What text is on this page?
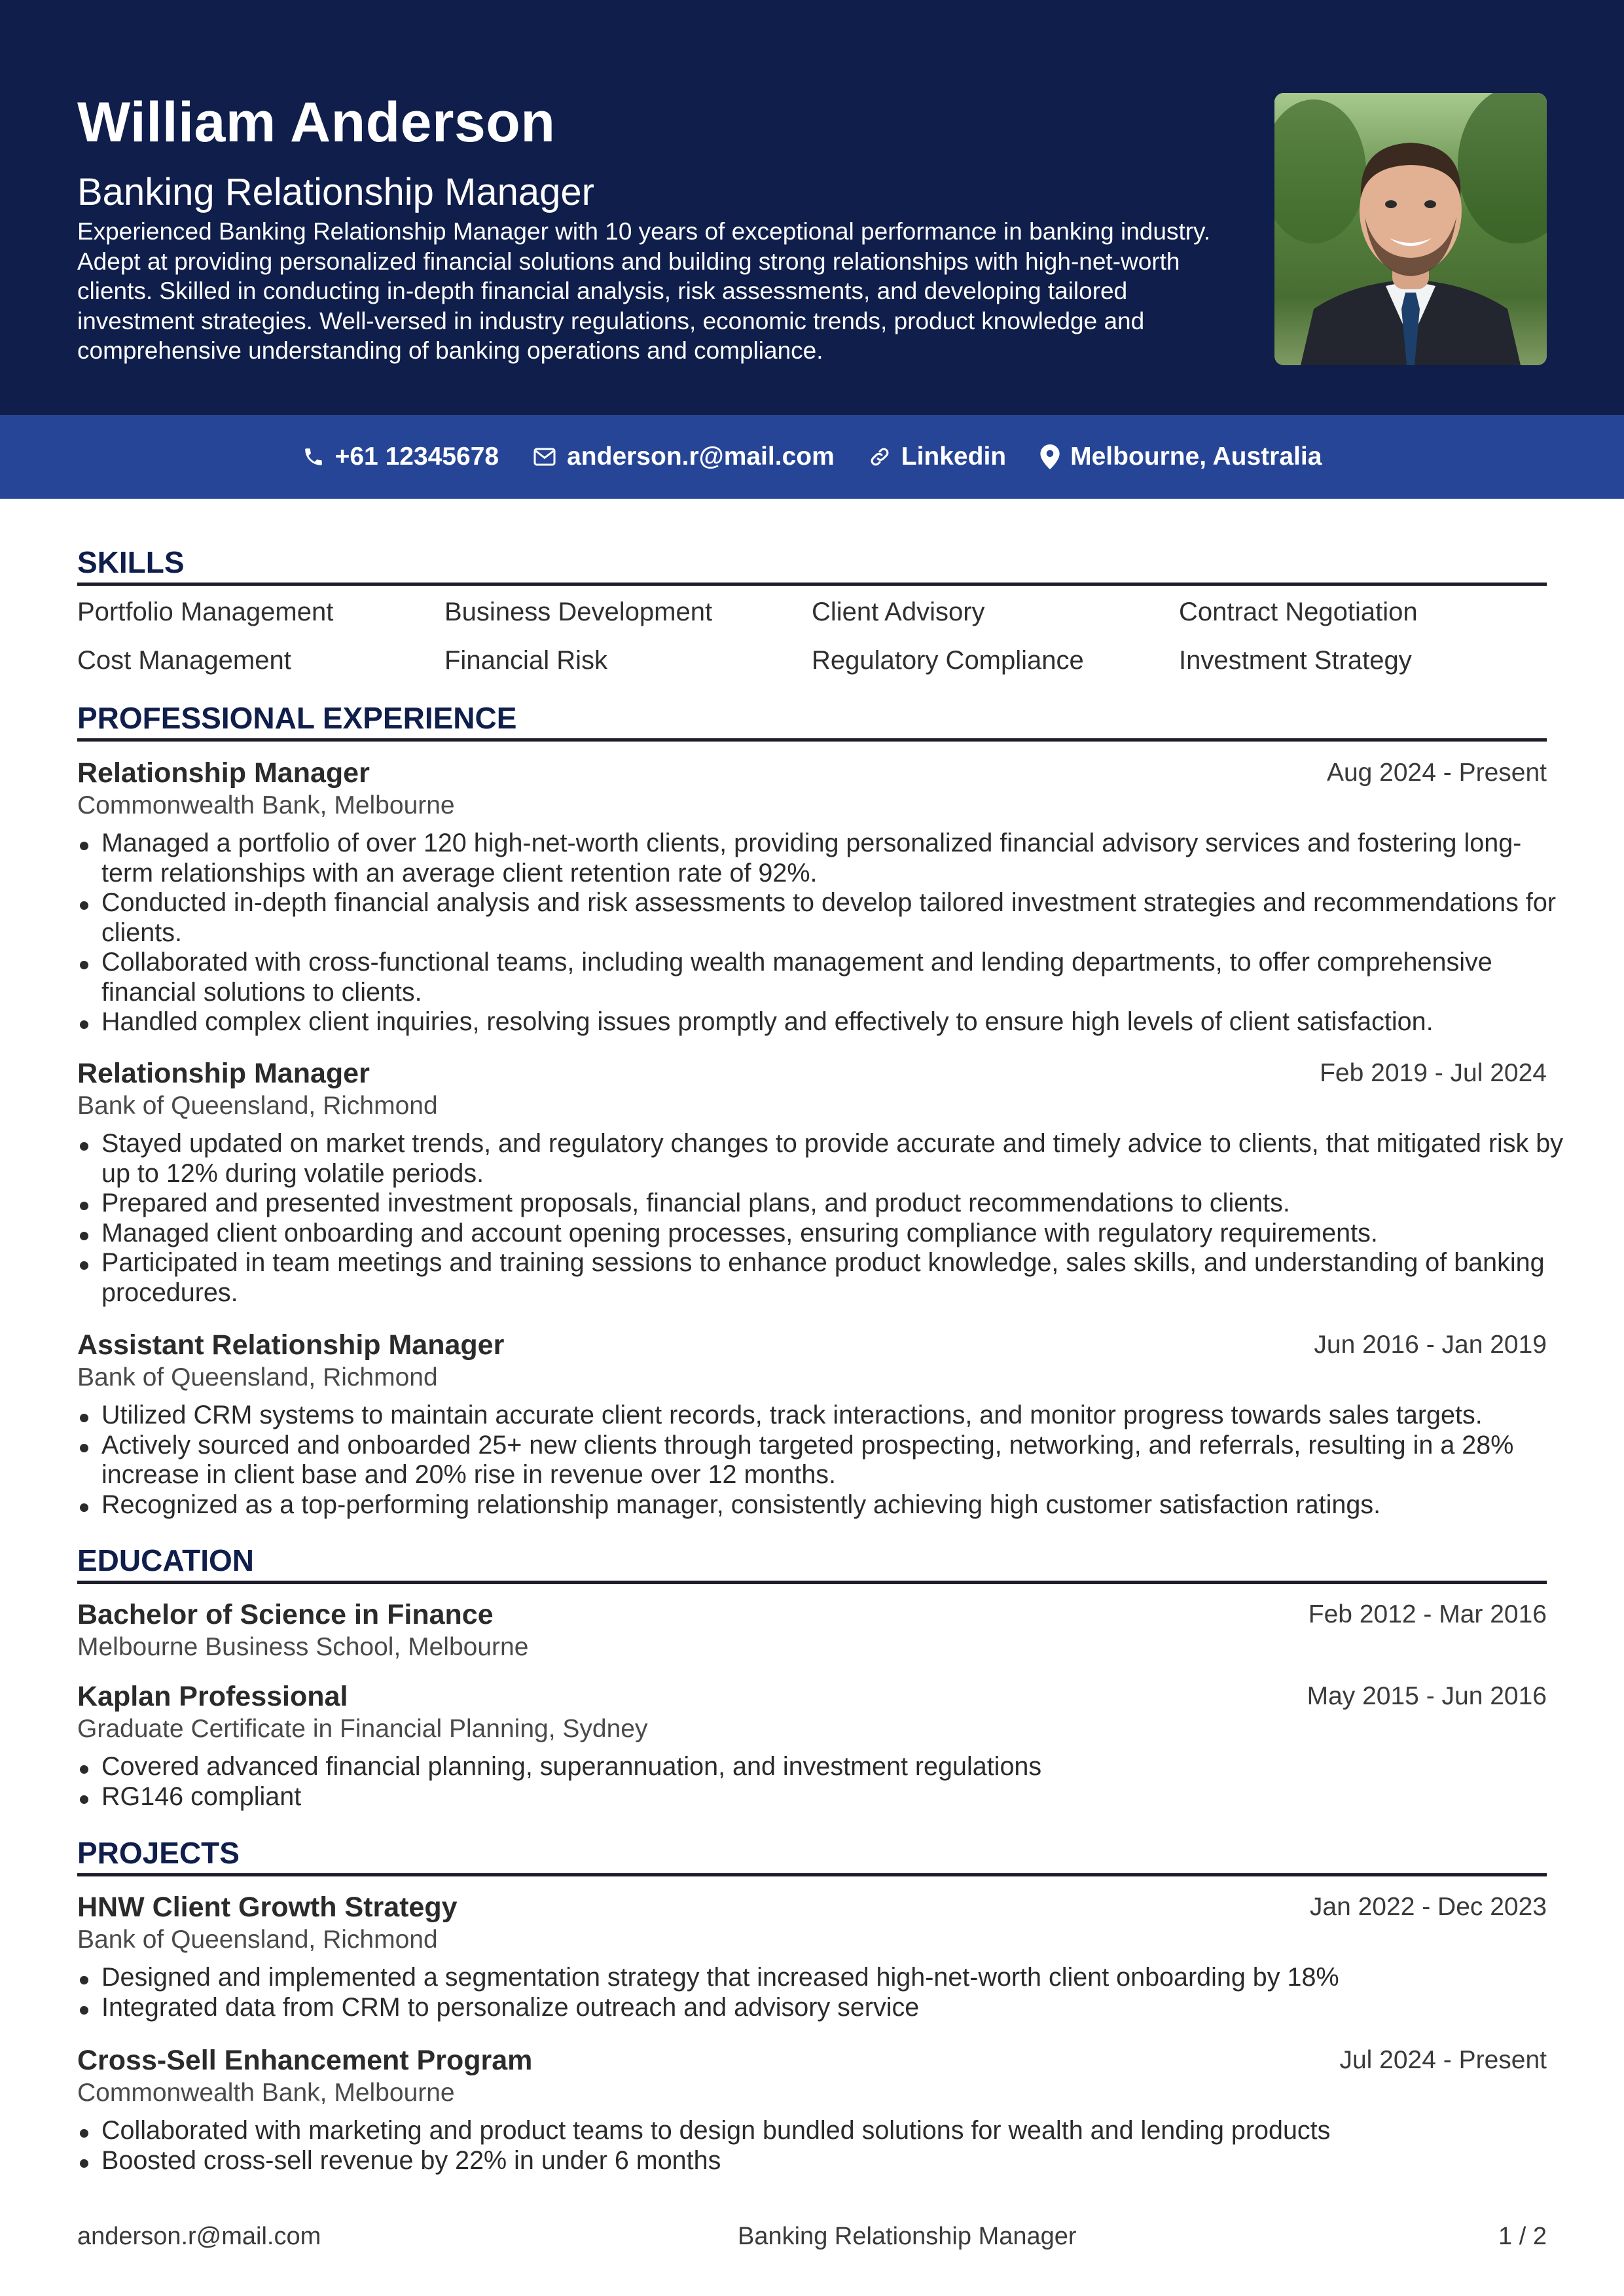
William Anderson
Banking Relationship Manager
Experienced Banking Relationship Manager with 10 years of exceptional performance in banking industry. Adept at providing personalized financial solutions and building strong relationships with high-net-worth clients. Skilled in conducting in-depth financial analysis, risk assessments, and developing tailored investment strategies. Well-versed in industry regulations, economic trends, product knowledge and comprehensive understanding of banking operations and compliance.
+61 12345678	anderson.r@mail.com	Linkedin	Melbourne, Australia
SKILLS
Portfolio Management	Business Development	Client Advisory	Contract Negotiation
Cost Management	Financial Risk	Regulatory Compliance	Investment Strategy
PROFESSIONAL EXPERIENCE
Relationship Manager	Aug 2024 - Present
Commonwealth Bank, Melbourne
Managed a portfolio of over 120 high-net-worth clients, providing personalized financial advisory services and fostering long-term relationships with an average client retention rate of 92%.
Conducted in-depth financial analysis and risk assessments to develop tailored investment strategies and recommendations for clients.
Collaborated with cross-functional teams, including wealth management and lending departments, to offer comprehensive financial solutions to clients.
Handled complex client inquiries, resolving issues promptly and effectively to ensure high levels of client satisfaction.
Relationship Manager	Feb 2019 - Jul 2024
Bank of Queensland, Richmond
Stayed updated on market trends, and regulatory changes to provide accurate and timely advice to clients, that mitigated risk by up to 12% during volatile periods.
Prepared and presented investment proposals, financial plans, and product recommendations to clients.
Managed client onboarding and account opening processes, ensuring compliance with regulatory requirements.
Participated in team meetings and training sessions to enhance product knowledge, sales skills, and understanding of banking procedures.
Assistant Relationship Manager	Jun 2016 - Jan 2019
Bank of Queensland, Richmond
Utilized CRM systems to maintain accurate client records, track interactions, and monitor progress towards sales targets.
Actively sourced and onboarded 25+ new clients through targeted prospecting, networking, and referrals, resulting in a 28% increase in client base and 20% rise in revenue over 12 months.
Recognized as a top-performing relationship manager, consistently achieving high customer satisfaction ratings.
EDUCATION
Bachelor of Science in Finance	Feb 2012 - Mar 2016
Melbourne Business School, Melbourne
Kaplan Professional	May 2015 - Jun 2016
Graduate Certificate in Financial Planning, Sydney
Covered advanced financial planning, superannuation, and investment regulations
RG146 compliant
PROJECTS
HNW Client Growth Strategy	Jan 2022 - Dec 2023
Bank of Queensland, Richmond
Designed and implemented a segmentation strategy that increased high-net-worth client onboarding by 18%
Integrated data from CRM to personalize outreach and advisory service
Cross-Sell Enhancement Program	Jul 2024 - Present
Commonwealth Bank, Melbourne
Collaborated with marketing and product teams to design bundled solutions for wealth and lending products
Boosted cross-sell revenue by 22% in under 6 months
anderson.r@mail.com	Banking Relationship Manager	1 / 2
